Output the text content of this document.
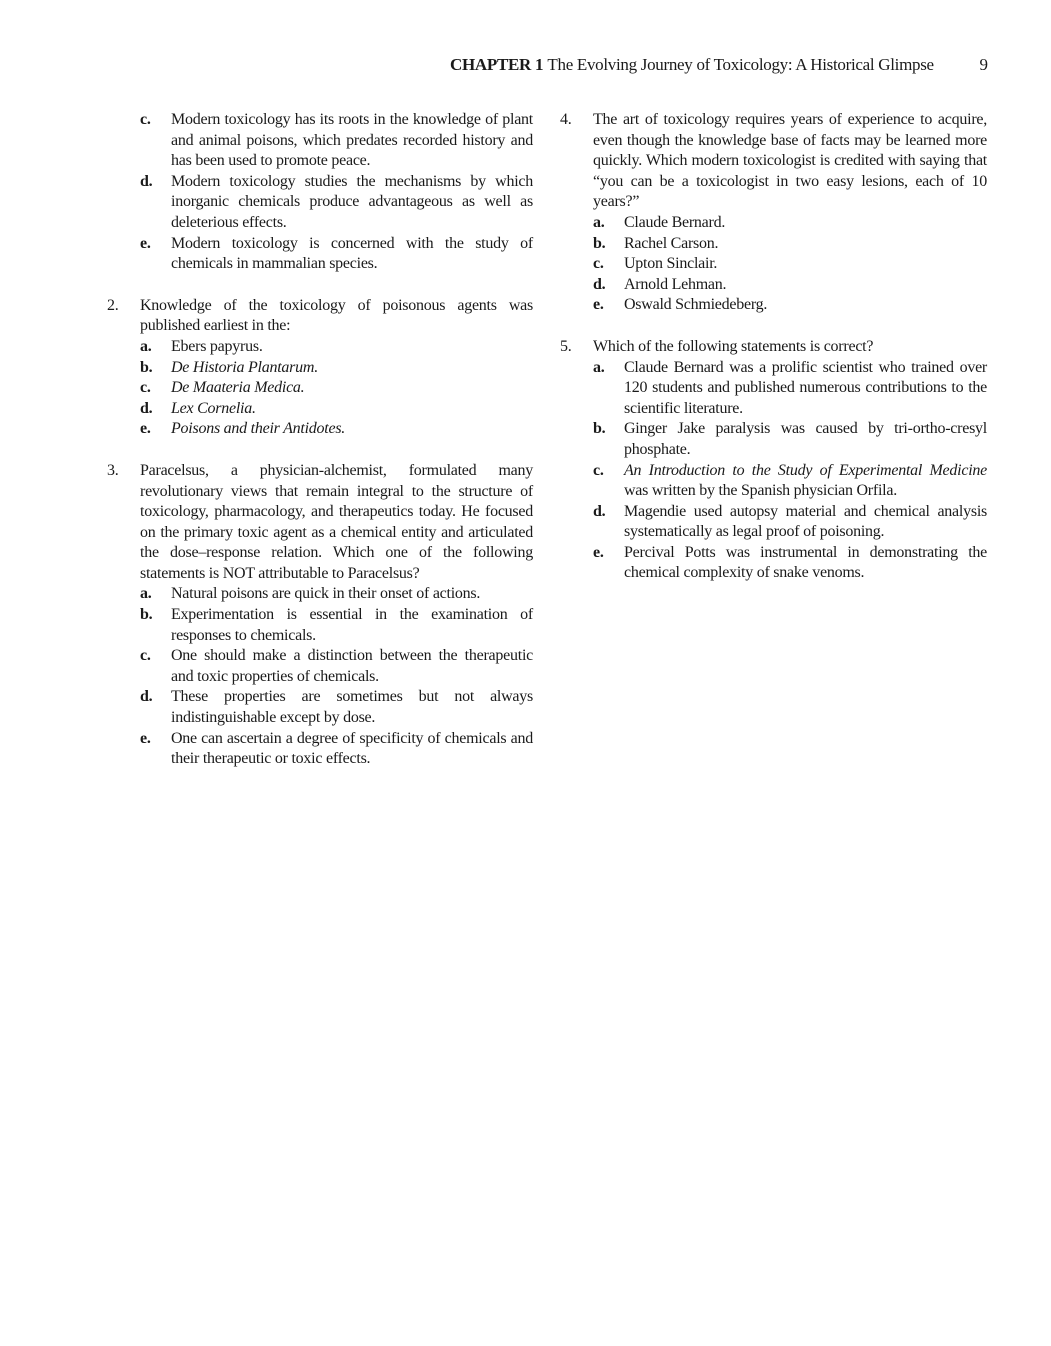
CHAPTER 1 The Evolving Journey of Toxicology: A Historical Glimpse	9
c. Modern toxicology has its roots in the knowledge of plant and animal poisons, which predates recorded history and has been used to promote peace.
d. Modern toxicology studies the mechanisms by which inorganic chemicals produce advantageous as well as deleterious effects.
e. Modern toxicology is concerned with the study of chemicals in mammalian species.
2. Knowledge of the toxicology of poisonous agents was published earliest in the:
a. Ebers papyrus.
b. De Historia Plantarum.
c. De Maateria Medica.
d. Lex Cornelia.
e. Poisons and their Antidotes.
3. Paracelsus, a physician-alchemist, formulated many revolutionary views that remain integral to the structure of toxicology, pharmacology, and therapeutics today. He focused on the primary toxic agent as a chemical entity and articulated the dose–response relation. Which one of the following statements is NOT attributable to Paracelsus?
a. Natural poisons are quick in their onset of actions.
b. Experimentation is essential in the examination of responses to chemicals.
c. One should make a distinction between the therapeutic and toxic properties of chemicals.
d. These properties are sometimes but not always indistinguishable except by dose.
e. One can ascertain a degree of specificity of chemicals and their therapeutic or toxic effects.
4. The art of toxicology requires years of experience to acquire, even though the knowledge base of facts may be learned more quickly. Which modern toxicologist is credited with saying that “you can be a toxicologist in two easy lesions, each of 10 years?”
a. Claude Bernard.
b. Rachel Carson.
c. Upton Sinclair.
d. Arnold Lehman.
e. Oswald Schmiedeberg.
5. Which of the following statements is correct?
a. Claude Bernard was a prolific scientist who trained over 120 students and published numerous contributions to the scientific literature.
b. Ginger Jake paralysis was caused by tri-ortho-cresyl phosphate.
c. An Introduction to the Study of Experimental Medicine was written by the Spanish physician Orfila.
d. Magendie used autopsy material and chemical analysis systematically as legal proof of poisoning.
e. Percival Potts was instrumental in demonstrating the chemical complexity of snake venoms.
